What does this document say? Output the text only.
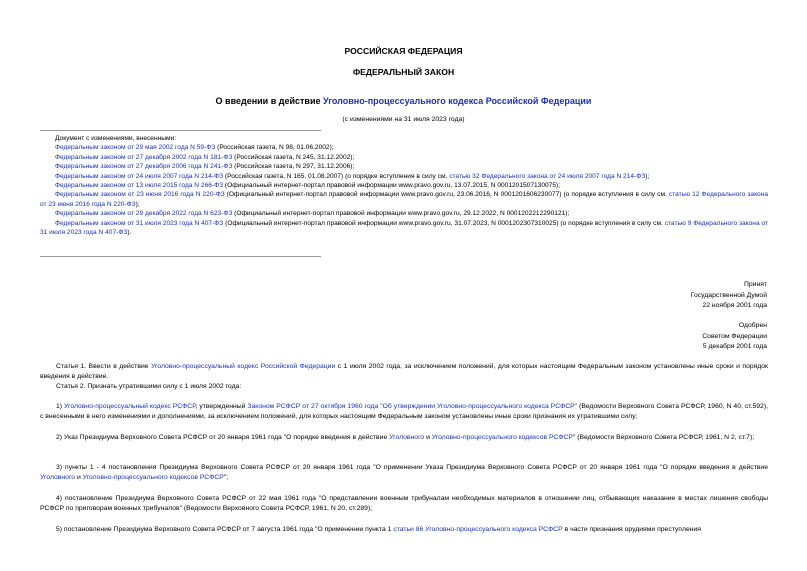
РОССИЙСКАЯ ФЕДЕРАЦИЯ
ФЕДЕРАЛЬНЫЙ ЗАКОН
О введении в действие Уголовно-процессуального кодекса Российской Федерации
(с изменениями на 31 июля 2023 года)
Документ с изменениями, внесенными:
Федеральным законом от 29 мая 2002 года N 59-ФЗ (Российская газета, N 98, 01.06.2002);
Федеральным законом от 27 декабря 2002 года N 181-ФЗ (Российская газета, N 245, 31.12.2002);
Федеральным законом от 27 декабря 2006 года N 241-ФЗ (Российская газета, N 297, 31.12.2006);
Федеральным законом от 24 июля 2007 года N 214-ФЗ (Российская газета, N 165, 01.08.2007) (о порядке вступления в силу см. статью 32 Федерального закона от 24 июля 2007 года N 214-ФЗ);
Федеральным законом от 13 июля 2015 года N 266-ФЗ (Официальный интернет-портал правовой информации www.pravo.gov.ru, 13.07.2015, N 0001201507130075);
Федеральным законом от 23 июня 2016 года N 220-ФЗ (Официальный интернет-портал правовой информации www.pravo.gov.ru, 23.06.2016, N 0001201606230077) (о порядке вступления в силу см. статью 12 Федерального закона от 23 июня 2016 года N 220-ФЗ);
Федеральным законом от 29 декабря 2022 года N 623-ФЗ (Официальный интернет-портал правовой информации www.pravo.gov.ru, 29.12.2022, N 0001202212290121);
Федеральным законом от 31 июля 2023 года N 407-ФЗ (Официальный интернет-портал правовой информации www.pravo.gov.ru, 31.07.2023, N 0001202307310025) (о порядке вступления в силу см. статью 9 Федерального закона от 31 июля 2023 года N 407-ФЗ).
Принят
Государственной Думой
22 ноября 2001 года
Одобрен
Советом Федерации
5 декабря 2001 года
Статья 1. Ввести в действие Уголовно-процессуальный кодекс Российской Федерации с 1 июля 2002 года, за исключением положений, для которых настоящим Федеральным законом установлены иные сроки и порядок введения в действие.
Статья 2. Признать утратившими силу с 1 июля 2002 года:
1) Уголовно-процессуальный кодекс РСФСР, утвержденный Законом РСФСР от 27 октября 1960 года "Об утверждении Уголовно-процессуального кодекса РСФСР" (Ведомости Верховного Совета РСФСР, 1960, N 40, ст.592), с внесенными в него изменениями и дополнениями, за исключением положений, для которых настоящим Федеральным законом установлены иные сроки признания их утратившими силу;
2) Указ Президиума Верховного Совета РСФСР от 20 января 1961 года "О порядке введения в действие Уголовного и Уголовно-процессуального кодексов РСФСР" (Ведомости Верховного Совета РСФСР, 1961, N 2, ст.7);
3) пункты 1 - 4 постановления Президиума Верховного Совета РСФСР от 20 января 1961 года "О применении Указа Президиума Верховного Совета РСФСР от 20 января 1961 года "О порядке введения в действие Уголовного и Уголовно-процессуального кодексов РСФСР";
4) постановление Президиума Верховного Совета РСФСР от 22 мая 1961 года "О представлении военным трибуналам необходимых материалов в отношении лиц, отбывающих наказание в местах лишения свободы РСФСР по приговорам военных трибуналов" (Ведомости Верховного Совета РСФСР, 1961, N 20, ст.289);
5) постановление Президиума Верховного Совета РСФСР от 7 августа 1961 года "О применении пункта 1 статьи 86 Уголовно-процессуального кодекса РСФСР в части признания орудиями преступления
